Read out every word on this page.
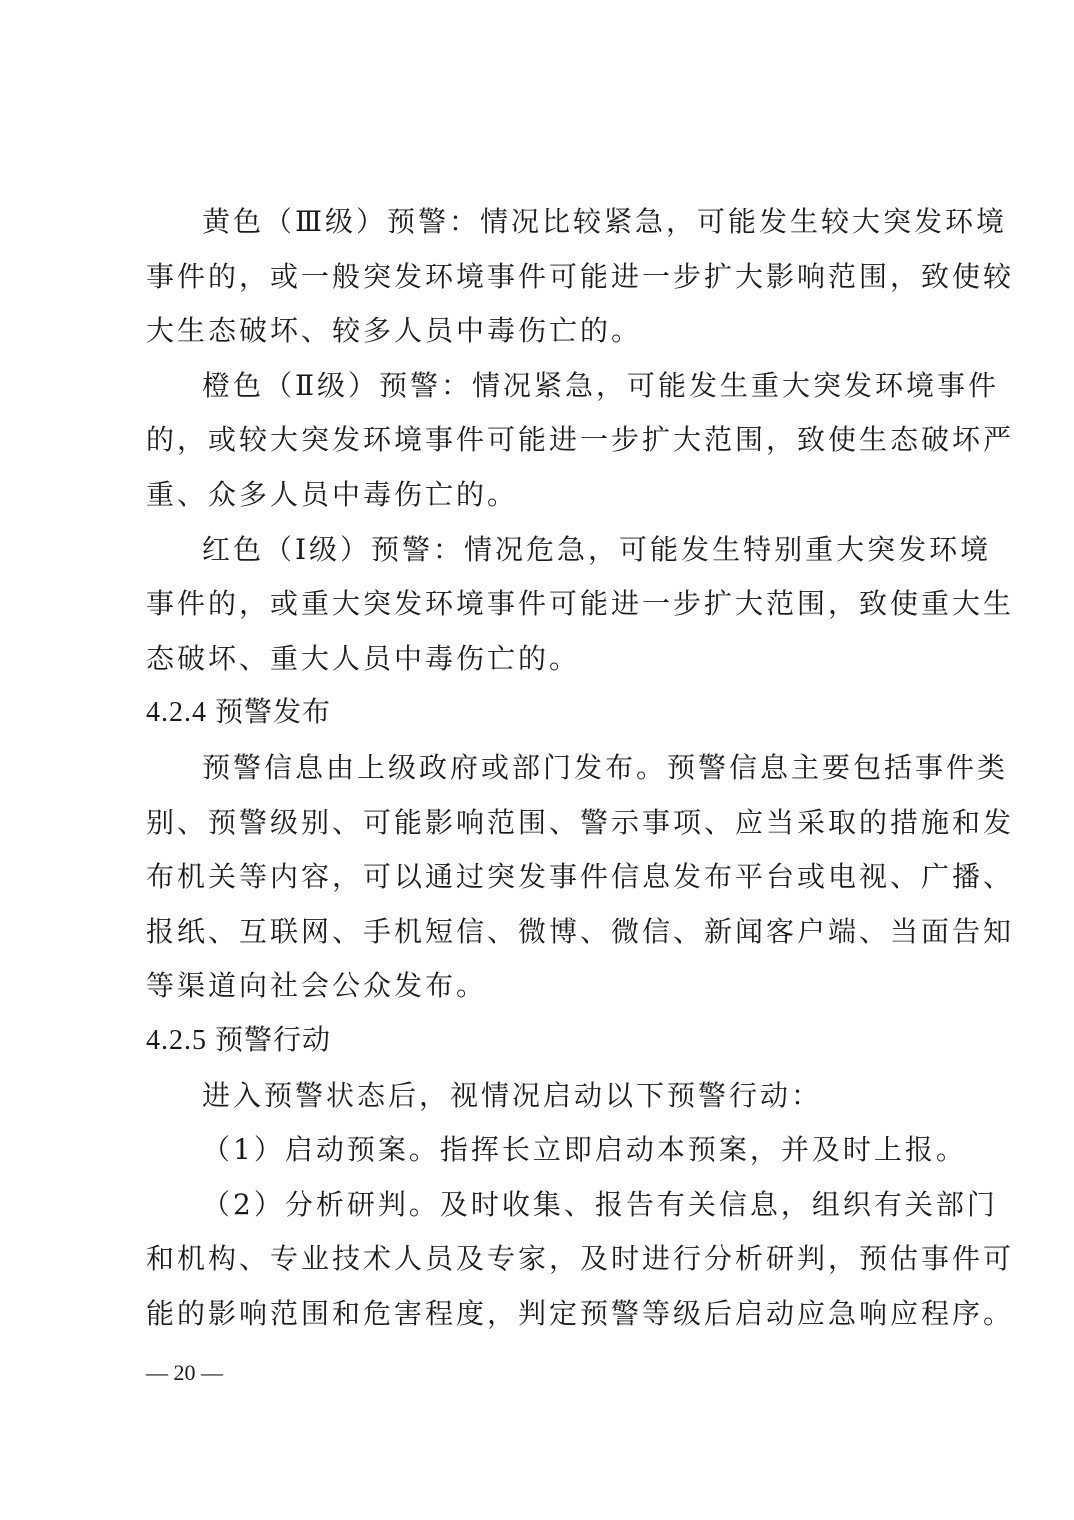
黄色（Ⅲ级）预警：情况比较紧急，可能发生较大突发环境
事件的，或一般突发环境事件可能进一步扩大影响范围，致使较
大生态破坏、较多人员中毒伤亡的。
橙色（Ⅱ级）预警：情况紧急，可能发生重大突发环境事件
的，或较大突发环境事件可能进一步扩大范围，致使生态破坏严
重、众多人员中毒伤亡的。
红色（Ⅰ级）预警：情况危急，可能发生特别重大突发环境
事件的，或重大突发环境事件可能进一步扩大范围，致使重大生
态破坏、重大人员中毒伤亡的。
4.2.4 预警发布
预警信息由上级政府或部门发布。预警信息主要包括事件类
别、预警级别、可能影响范围、警示事项、应当采取的措施和发
布机关等内容，可以通过突发事件信息发布平台或电视、广播、
报纸、互联网、手机短信、微博、微信、新闻客户端、当面告知
等渠道向社会公众发布。
4.2.5 预警行动
进入预警状态后，视情况启动以下预警行动：
（1）启动预案。指挥长立即启动本预案，并及时上报。
（2）分析研判。及时收集、报告有关信息，组织有关部门
和机构、专业技术人员及专家，及时进行分析研判，预估事件可
能的影响范围和危害程度，判定预警等级后启动应急响应程序。
— 20 —
